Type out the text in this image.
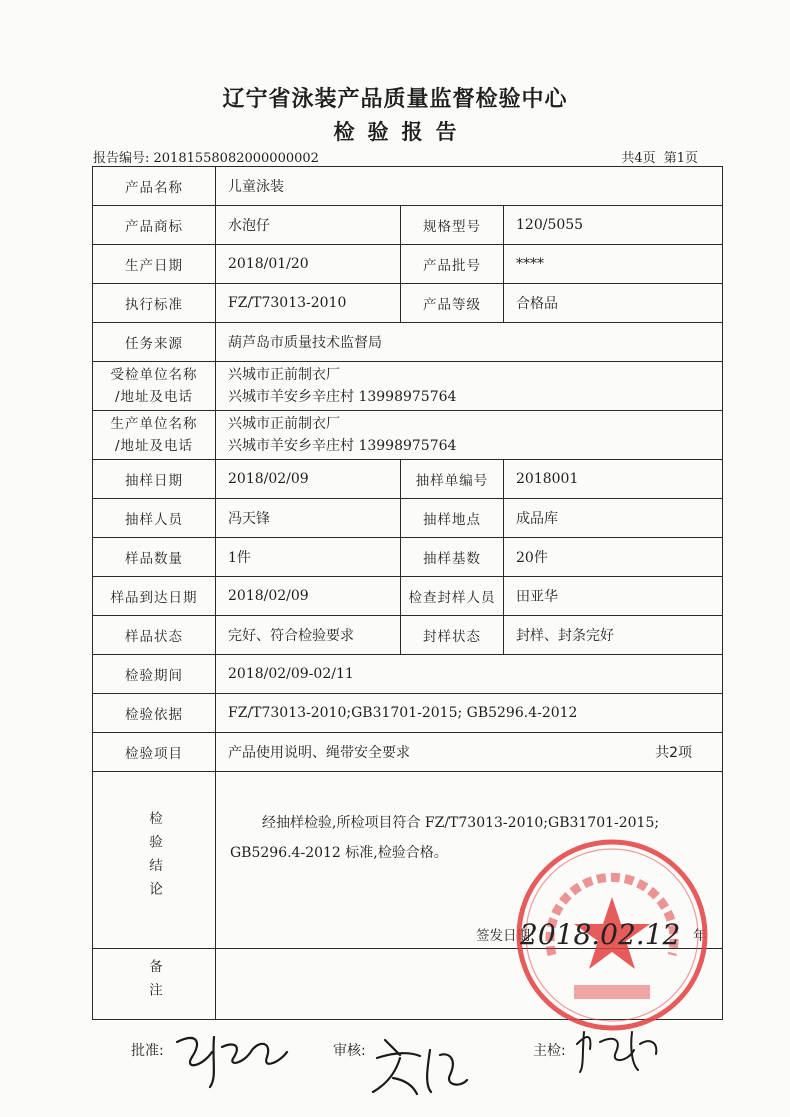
辽宁省泳装产品质量监督检验中心
检验报告
报告编号: 20181558082000000002	共4页 第1页
产品名称	儿童泳装		
产品商标	水泡仔	规格型号	120/5055
生产日期	2018/01/20	产品批号	****
执行标准	FZ/T73013-2010	产品等级	合格品
任务来源	葫芦岛市质量技术监督局		

受检单位名称
/地址及电话	兴城市正前制衣厂
兴城市羊安乡辛庄村 13998975764		

生产单位名称
/地址及电话	兴城市正前制衣厂
兴城市羊安乡辛庄村 13998975764		

抽样日期	2018/02/09	抽样单编号	2018001
抽样人员	冯天锋	抽样地点	成品库
样品数量	1件	抽样基数	20件
样品到达日期	2018/02/09	检查封样人员	田亚华
样品状态	完好、符合检验要求	封样状态	封样、封条完好
检验期间	2018/02/09-02/11		
检验依据	FZ/T73013-2010;GB31701-2015; GB5296.4-2012		
检验项目	产品使用说明、绳带安全要求 共2项		

检验结论	经抽样检验,所检项目符合 FZ/T73013-2010;GB31701-2015; GB5296.4-2012 标准,检验合格。
签发日期: 年		

备注			
2018.02.12
批准:	审核:	主检:
